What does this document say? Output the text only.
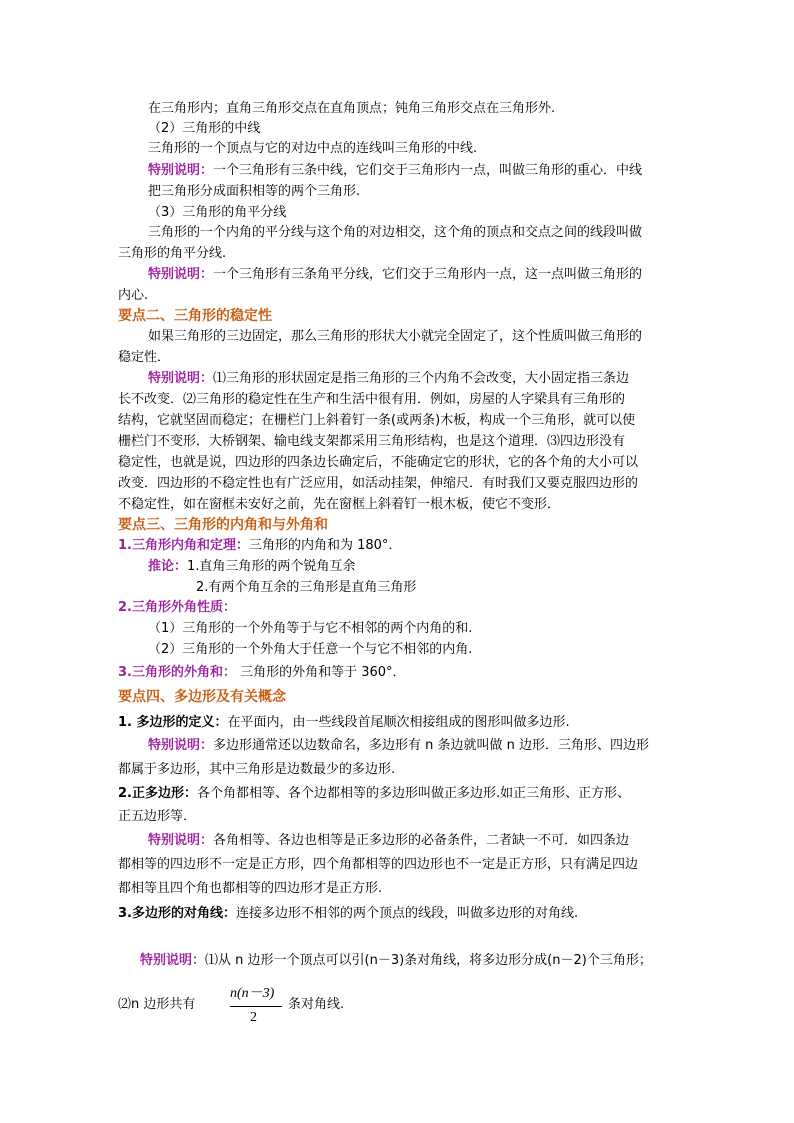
在三角形内；直角三角形交点在直角顶点；钝角三角形交点在三角形外.
（2）三角形的中线
三角形的一个顶点与它的对边中点的连线叫三角形的中线.
特别说明：一个三角形有三条中线，它们交于三角形内一点，叫做三角形的重心．中线
把三角形分成面积相等的两个三角形.
（3）三角形的角平分线
三角形的一个内角的平分线与这个角的对边相交，这个角的顶点和交点之间的线段叫做
三角形的角平分线.
特别说明：一个三角形有三条角平分线，它们交于三角形内一点，这一点叫做三角形的
内心.
要点二、三角形的稳定性
如果三角形的三边固定，那么三角形的形状大小就完全固定了，这个性质叫做三角形的
稳定性．
特别说明：⑴三角形的形状固定是指三角形的三个内角不会改变，大小固定指三条边
长不改变．⑵三角形的稳定性在生产和生活中很有用．例如，房屋的人字梁具有三角形的
结构，它就坚固而稳定；在栅栏门上斜着钉一条(或两条)木板，构成一个三角形，就可以使
栅栏门不变形．大桥钢架、输电线支架都采用三角形结构，也是这个道理．⑶四边形没有
稳定性，也就是说，四边形的四条边长确定后，不能确定它的形状，它的各个角的大小可以
改变．四边形的不稳定性也有广泛应用，如活动挂架，伸缩尺．有时我们又要克服四边形的
不稳定性，如在窗框未安好之前，先在窗框上斜着钉一根木板，使它不变形．
要点三、三角形的内角和与外角和
1.三角形内角和定理：三角形的内角和为 180°．
推论：1.直角三角形的两个锐角互余
2.有两个角互余的三角形是直角三角形
2.三角形外角性质：
（1）三角形的一个外角等于与它不相邻的两个内角的和.
（2）三角形的一个外角大于任意一个与它不相邻的内角.
3.三角形的外角和： 三角形的外角和等于 360°．
要点四、多边形及有关概念
1. 多边形的定义：在平面内，由一些线段首尾顺次相接组成的图形叫做多边形.
特别说明：多边形通常还以边数命名，多边形有 n 条边就叫做 n 边形．三角形、四边形
都属于多边形，其中三角形是边数最少的多边形.
2.正多边形：各个角都相等、各个边都相等的多边形叫做正多边形.如正三角形、正方形、
正五边形等．
特别说明：各角相等、各边也相等是正多边形的必备条件，二者缺一不可．如四条边
都相等的四边形不一定是正方形，四个角都相等的四边形也不一定是正方形，只有满足四边
都相等且四个角也都相等的四边形才是正方形.
3.多边形的对角线：连接多边形不相邻的两个顶点的线段，叫做多边形的对角线.
特别说明：⑴从 n 边形一个顶点可以引(n－3)条对角线，将多边形分成(n－2)个三角形；
⑵n 边形共有
n(n－3)
2
条对角线.
